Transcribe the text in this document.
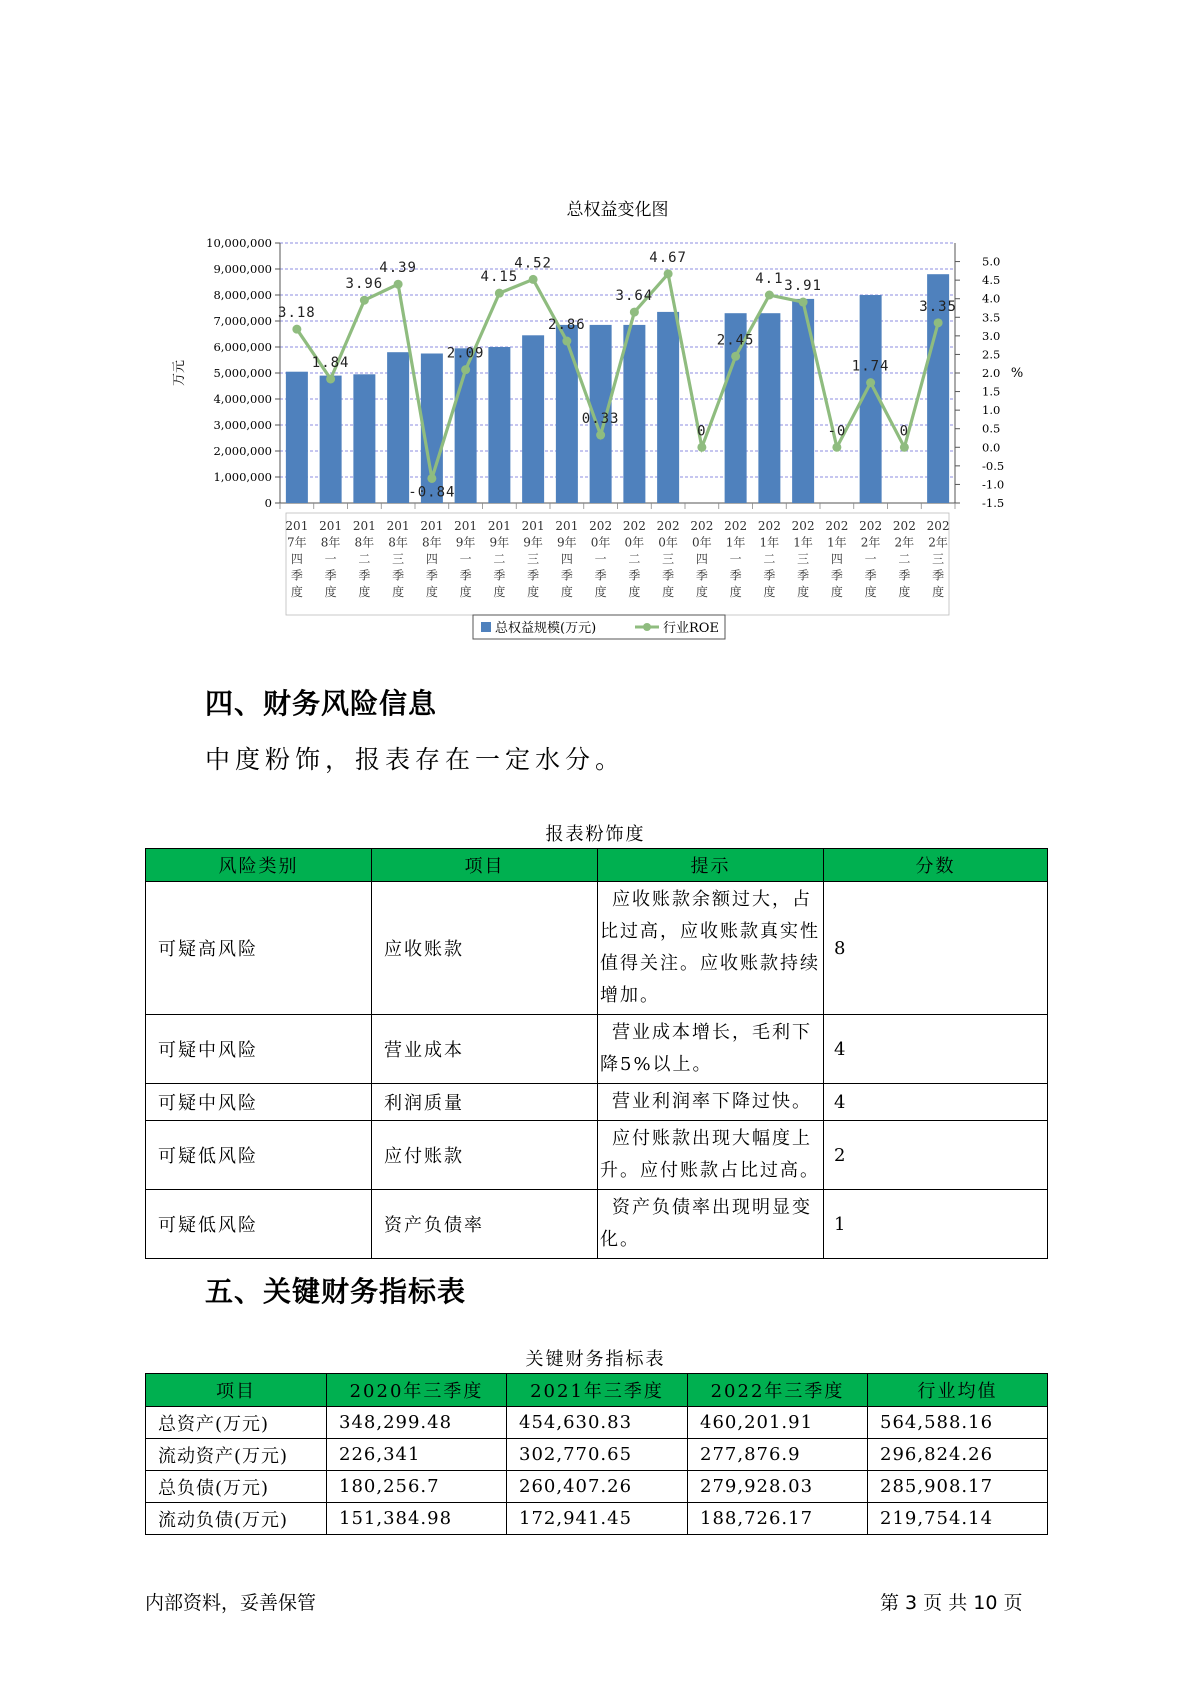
总权益变化图
10,000,000
9,000,000
8,000,000
7,000,000
6,000,000
5,000,000
4,000,000
3,000,000
2,000,000
1,000,000
0
5.0
4.5
4.0
3.5
3.0
2.5
2.0
1.5
1.0
0.5
0.0
-0.5
-1.0
-1.5
万元	%
201
7年
四
季
度
201
8年
一
季
度
201
8年
二
季
度
201
8年
三
季
度
201
8年
四
季
度
201
9年
一
季
度
201
9年
二
季
度
201
9年
三
季
度
201
9年
四
季
度
202
0年
一
季
度
202
0年
二
季
度
202
0年
三
季
度
202
0年
四
季
度
202
1年
一
季
度
202
1年
二
季
度
202
1年
三
季
度
202
1年
四
季
度
202
2年
一
季
度
202
2年
二
季
度
202
2年
三
季
度
3.18
1.84
3.96
4.39
-0.84
2.09
4.15
4.52
2.86
0.33
3.64
4.67
0
2.45
4.1 3.91
-0
1.74
0
3.35
总权益规模(万元)	行业ROE
四、财务风险信息
中度粉饰，报表存在一定水分。
报表粉饰度
风险类别	项目	提示	分数
可疑高风险	应收账款	应收账款余额过大，占比过高，应收账款真实性值得关注。应收账款持续增加。	8
可疑中风险	营业成本	营业成本增长，毛利下降5%以上。	4
可疑中风险	利润质量	营业利润率下降过快。	4
可疑低风险	应付账款	应付账款出现大幅度上升。应付账款占比过高。	2
可疑低风险	资产负债率	资产负债率出现明显变化。	1
五、关键财务指标表
关键财务指标表
项目	2020年三季度	2021年三季度	2022年三季度	行业均值
总资产(万元)	348,299.48	454,630.83	460,201.91	564,588.16
流动资产(万元)	226,341	302,770.65	277,876.9	296,824.26
总负债(万元)	180,256.7	260,407.26	279,928.03	285,908.17
流动负债(万元)	151,384.98	172,941.45	188,726.17	219,754.14
内部资料，妥善保管	第 3 页 共 10 页
